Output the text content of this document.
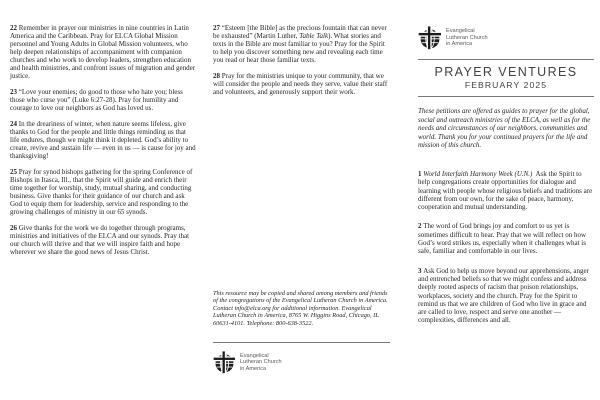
22 Remember in prayer our ministries in nine countries in Latin America and the Caribbean. Pray for ELCA Global Mission personnel and Young Adults in Global Mission volunteers, who help deepen relationships of accompaniment with companion churches and who work to develop leaders, strengthen education and health ministries, and confront issues of migration and gender justice.

23 “Love your enemies; do good to those who hate you; bless those who curse you” (Luke 6:27-28). Pray for humility and courage to love our neighbors as God has loved us.

24 In the dreariness of winter, when nature seems lifeless, give thanks to God for the people and little things reminding us that life endures, though we might think it depleted. God’s ability to create, revive and sustain life — even in us — is cause for joy and thanksgiving!

25 Pray for synod bishops gathering for the spring Conference of Bishops in Itasca, Ill., that the Spirit will guide and enrich their time together for worship, study, mutual sharing, and conducting business. Give thanks for their guidance of our church and ask God to equip them for leadership, service and responding to the growing challenges of ministry in our 65 synods.

26 Give thanks for the work we do together through programs, ministries and initiatives of the ELCA and our synods. Pray that our church will thrive and that we will inspire faith and hope wherever we share the good news of Jesus Christ.

27 “Esteem [the Bible] as the precious fountain that can never be exhausted” (Martin Luther, Table Talk). What stories and texts in the Bible are most familiar to you? Pray for the Spirit to help you discover something new and revealing each time you read or hear those familiar texts.

28 Pray for the ministries unique to your community, that we will consider the people and needs they serve, value their staff and volunteers, and generously support their work.

This resource may be copied and shared among members and friends of the congregations of the Evangelical Lutheran Church in America. Contact info@elca.org for additional information. Evangelical Lutheran Church in America, 8765 W. Higgins Road, Chicago, IL 60631-4101. Telephone: 800-638-3522.
Evangelical
Lutheran Church
in America
Evangelical
Lutheran Church
in America
PRAYER VENTURES
FEBRUARY 2025
These petitions are offered as guides to prayer for the global, social and outreach ministries of the ELCA, as well as for the needs and circumstances of our neighbors, communities and world. Thank you for your continued prayers for the life and mission of this church.

1 World Interfaith Harmony Week (U.N.)  Ask the Spirit to help congregations create opportunities for dialogue and learning with people whose religious beliefs and traditions are different from our own, for the sake of peace, harmony, cooperation and mutual understanding.

2 The word of God brings joy and comfort to us yet is sometimes difficult to hear. Pray that we will reflect on how God’s word strikes us, especially when it challenges what is safe, familiar and comfortable in our lives.

3 Ask God to help us move beyond our apprehensions, anger and entrenched beliefs so that we might confess and address deeply rooted aspects of racism that poison relationships, workplaces, society and the church. Pray for the Spirit to remind us that we are children of God who live in grace and are called to love, respect and serve one another — complexities, differences and all.
